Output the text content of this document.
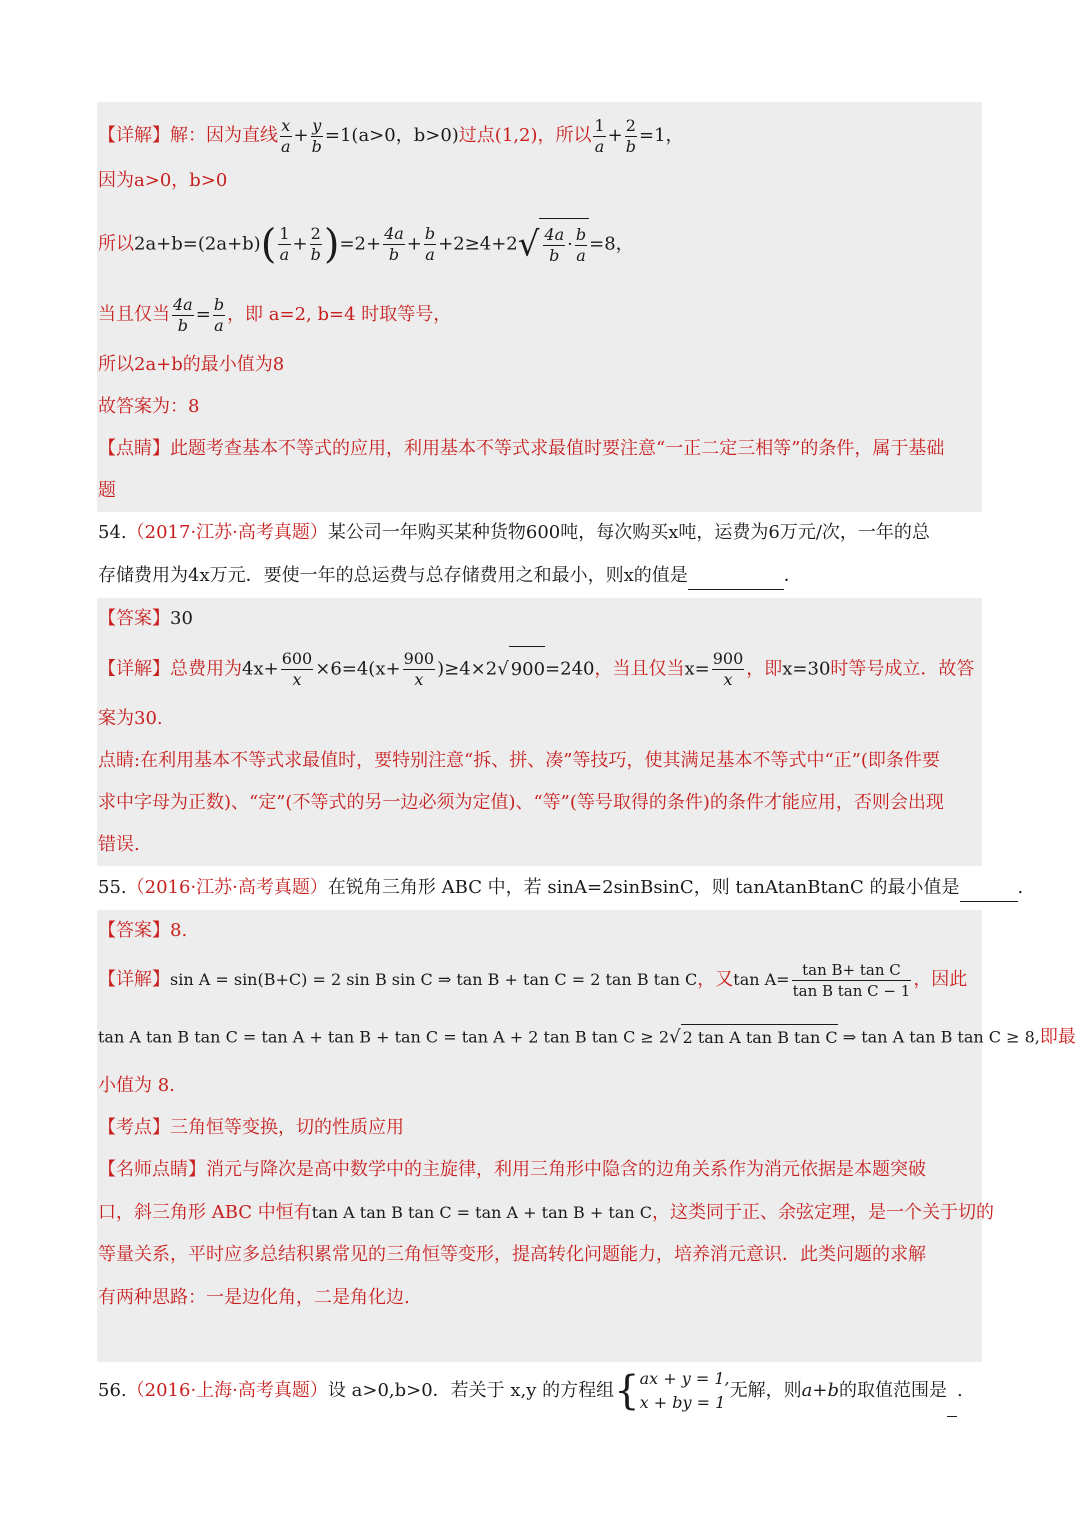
【详解】解：因为直线 $\frac{x}{a} + \frac{y}{b} =1(a>0$，b>0)过点(1,2)，所以 $\frac{1}{a} + \frac{2}{b} =1$，
因为a>0，b>0
所以$2a+b=(2a+b)( \frac{1}{a} + \frac{2}{b} )=2+ \frac{4a}{b} + \frac{b}{a} +2\ge 4+2√ \frac{4a}{b} \cdot \frac{b}{a} =8$，
当且仅当 $\frac{4a}{b} = \frac{b}{a}$ ，即 a=2, b=4 时取等号，
所以2a+b的最小值为8
故答案为：8
【点睛】此题考查基本不等式的应用，利用基本不等式求最值时要注意“一正二定三相等”的条件，属于基础
题
54.（2017·江苏·高考真题）某公司一年购买某种货物600吨，每次购买x吨，运费为6万元/次，一年的总
存储费用为4x万元．要使一年的总运费与总存储费用之和最小，则x的值是	．
【答案】30
【详解】总费用为$4x+ \frac{600}{x} \times 6=4(x+ \frac{900}{x} )\ge 4\times 2√$ 900=240，当且仅当$x= \frac{900}{x}$ ，即x=30时等号成立．故答
案为30.
点睛:在利用基本不等式求最值时，要特别注意“拆、拼、凑”等技巧，使其满足基本不等式中“正”(即条件要
求中字母为正数)、“定”(不等式的另一边必须为定值)、“等”(等号取得的条件)的条件才能应用，否则会出现
错误.
55.（2016·江苏·高考真题）在锐角三角形 ABC 中，若 sinA=2sinBsinC，则 tanAtanBtanC 的最小值是	.
【答案】8.
【详解】sin A = sin(B+C) = 2 sin B sin C ⇒ tan B + tan C = 2 tan B tan C，又$\tan A= \frac{\text{tan B+ tan C}}{\text{tan B tan C − 1}}$ ，因此
tan A tan B tan C = tan A + tan B + tan C = tan A + 2 tan B tan C ≥ 2√ 2 tan A tan B tan C ⇒ tan A tan B tan C ≥ 8,即最
小值为 8.
【考点】三角恒等变换，切的性质应用
【名师点睛】消元与降次是高中数学中的主旋律，利用三角形中隐含的边角关系作为消元依据是本题突破
口，斜三角形 ABC 中恒有tan A tan B tan C = tan A + tan B + tan C，这类同于正、余弦定理，是一个关于切的
等量关系，平时应多总结积累常见的三角恒等变形，提高转化问题能力，培养消元意识．此类问题的求解
有两种思路：一是边化角，二是角化边.
56.（2016·上海·高考真题）设 a>0,b>0．若关于 x,y 的方程组{ ax + y = 1,
x + by = 1
无解，则a+b的取值范围是 .
